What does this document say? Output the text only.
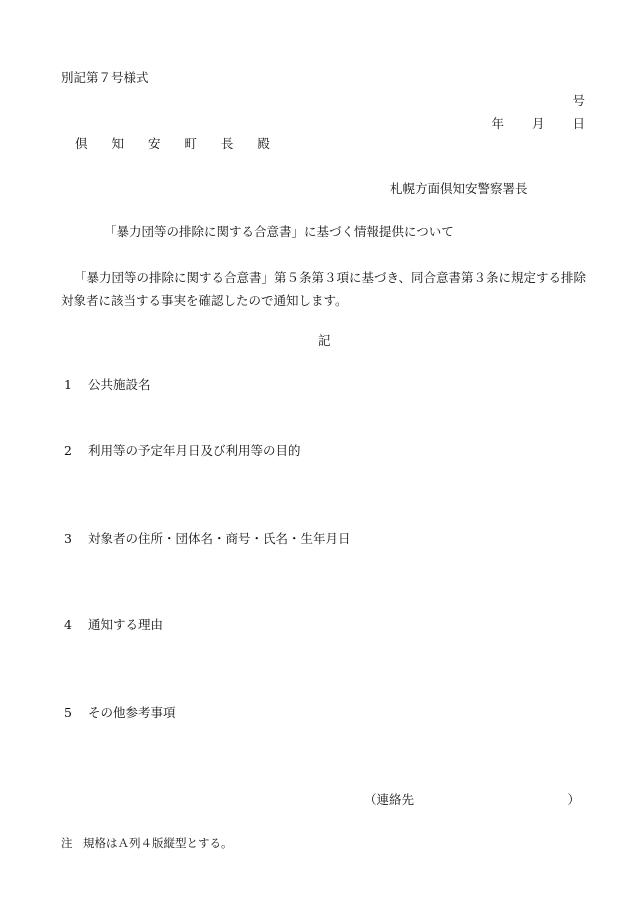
別記第７号様式
号
年 月 日
倶 知 安 町 長 殿
札幌方面倶知安警察署長
「暴力団等の排除に関する合意書」に基づく情報提供について
「暴力団等の排除に関する合意書」第５条第３項に基づき、同合意書第３条に規定する排除対象者に該当する事実を確認したので通知します。
記
1 公共施設名
2 利用等の予定年月日及び利用等の目的
3 対象者の住所・団体名・商号・氏名・生年月日
4 通知する理由
5 その他参考事項
（連絡先	）
注 規格はＡ列４版縦型とする。
